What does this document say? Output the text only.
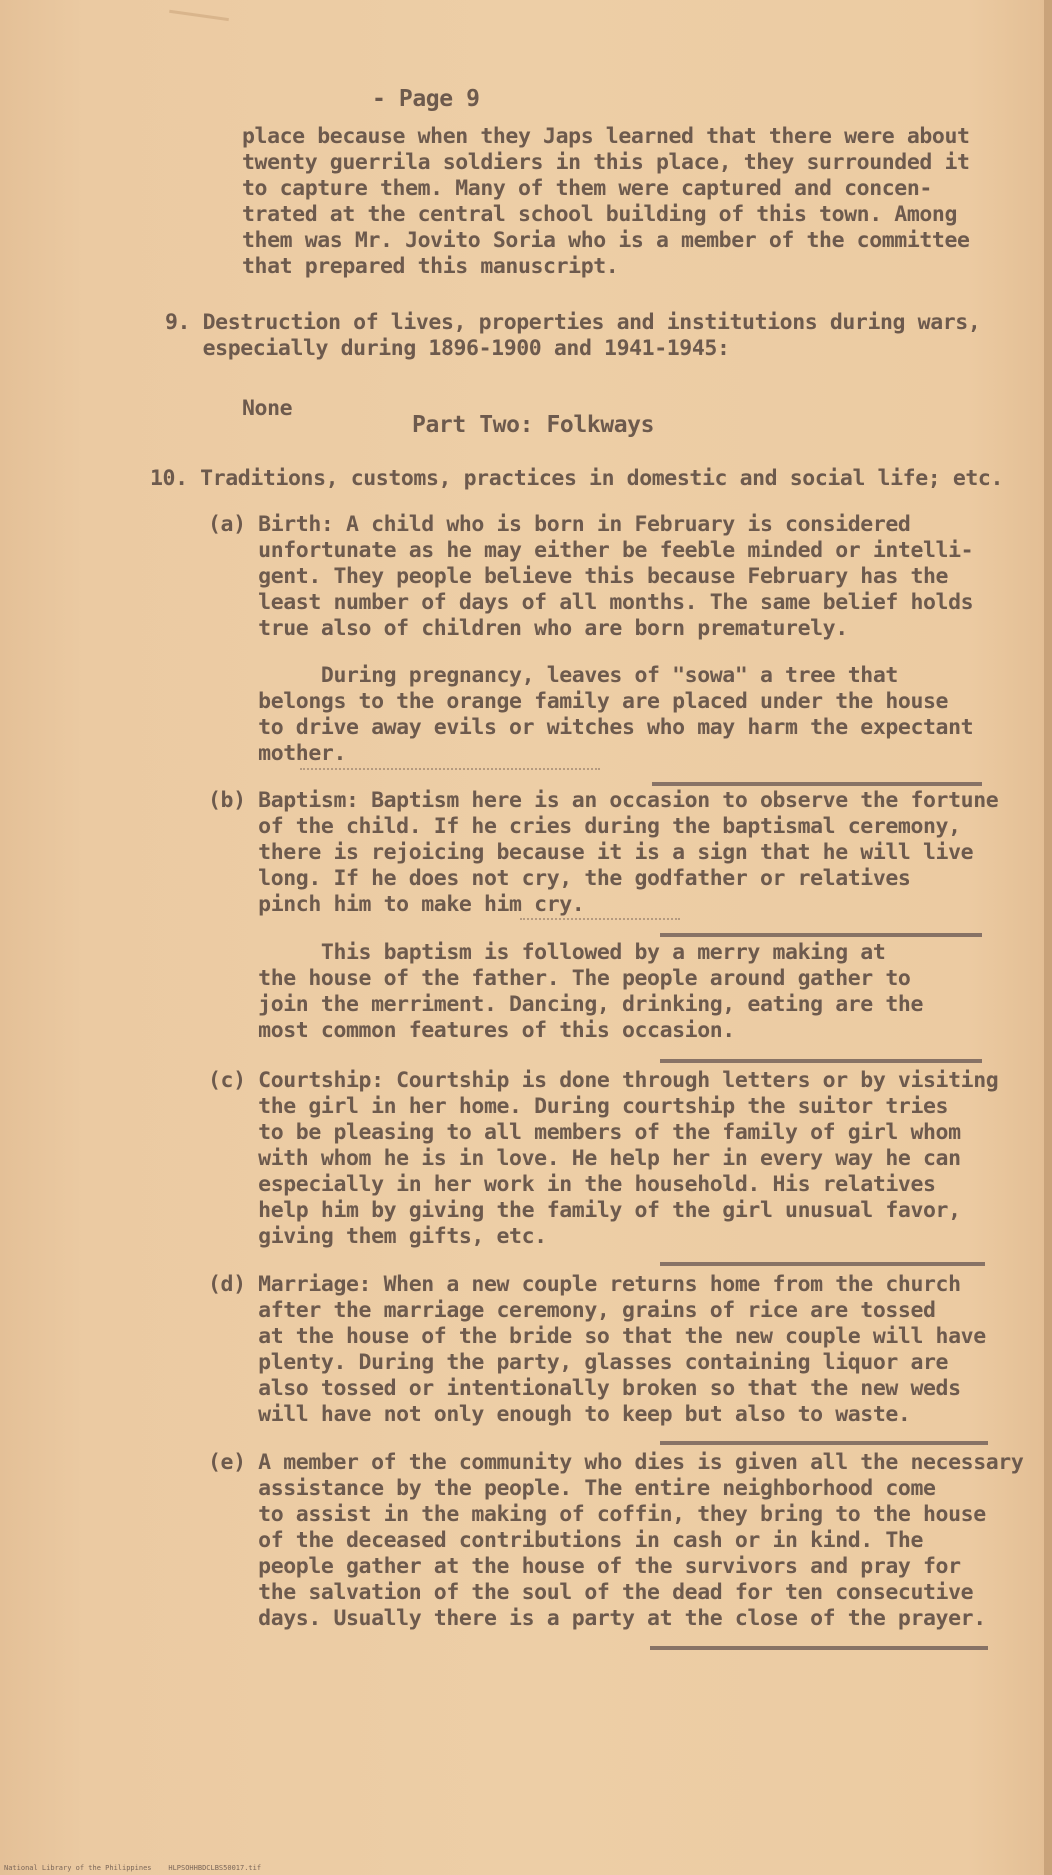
- Page 9

place because when they Japs learned that there were about

twenty guerrila soldiers in this place, they surrounded it

to capture them. Many of them were captured and concen-

trated at the central school building of this town. Among

them was Mr. Jovito Soria who is a member of the committee

that prepared this manuscript.

9. Destruction of lives, properties and institutions during wars,

especially during 1896-1900 and 1941-1945:

None

Part Two: Folkways

10. Traditions, customs, practices in domestic and social life; etc.

(a) Birth: A child who is born in February is considered

unfortunate as he may either be feeble minded or intelli-

gent. They people believe this because February has the

least number of days of all months. The same belief holds

true also of children who are born prematurely.

During pregnancy, leaves of "sowa" a tree that

belongs to the orange family are placed under the house

to drive away evils or witches who may harm the expectant

mother.

(b) Baptism: Baptism here is an occasion to observe the fortune

of the child. If he cries during the baptismal ceremony,

there is rejoicing because it is a sign that he will live

long. If he does not cry, the godfather or relatives

pinch him to make him cry.

This baptism is followed by a merry making at

the house of the father. The people around gather to

join the merriment. Dancing, drinking, eating are the

most common features of this occasion.

(c) Courtship: Courtship is done through letters or by visiting

the girl in her home. During courtship the suitor tries

to be pleasing to all members of the family of girl whom

with whom he is in love. He help her in every way he can

especially in her work in the household. His relatives

help him by giving the family of the girl unusual favor,

giving them gifts, etc.

(d) Marriage: When a new couple returns home from the church

after the marriage ceremony, grains of rice are tossed

at the house of the bride so that the new couple will have

plenty. During the party, glasses containing liquor are

also tossed or intentionally broken so that the new weds

will have not only enough to keep but also to waste.

(e) A member of the community who dies is given all the necessary

assistance by the people. The entire neighborhood come

to assist in the making of coffin, they bring to the house

of the deceased contributions in cash or in kind. The

people gather at the house of the survivors and pray for

the salvation of the soul of the dead for ten consecutive

days. Usually there is a party at the close of the prayer.

National Library of the Philippines    HLPSOHHBDCLBS50017.tif
